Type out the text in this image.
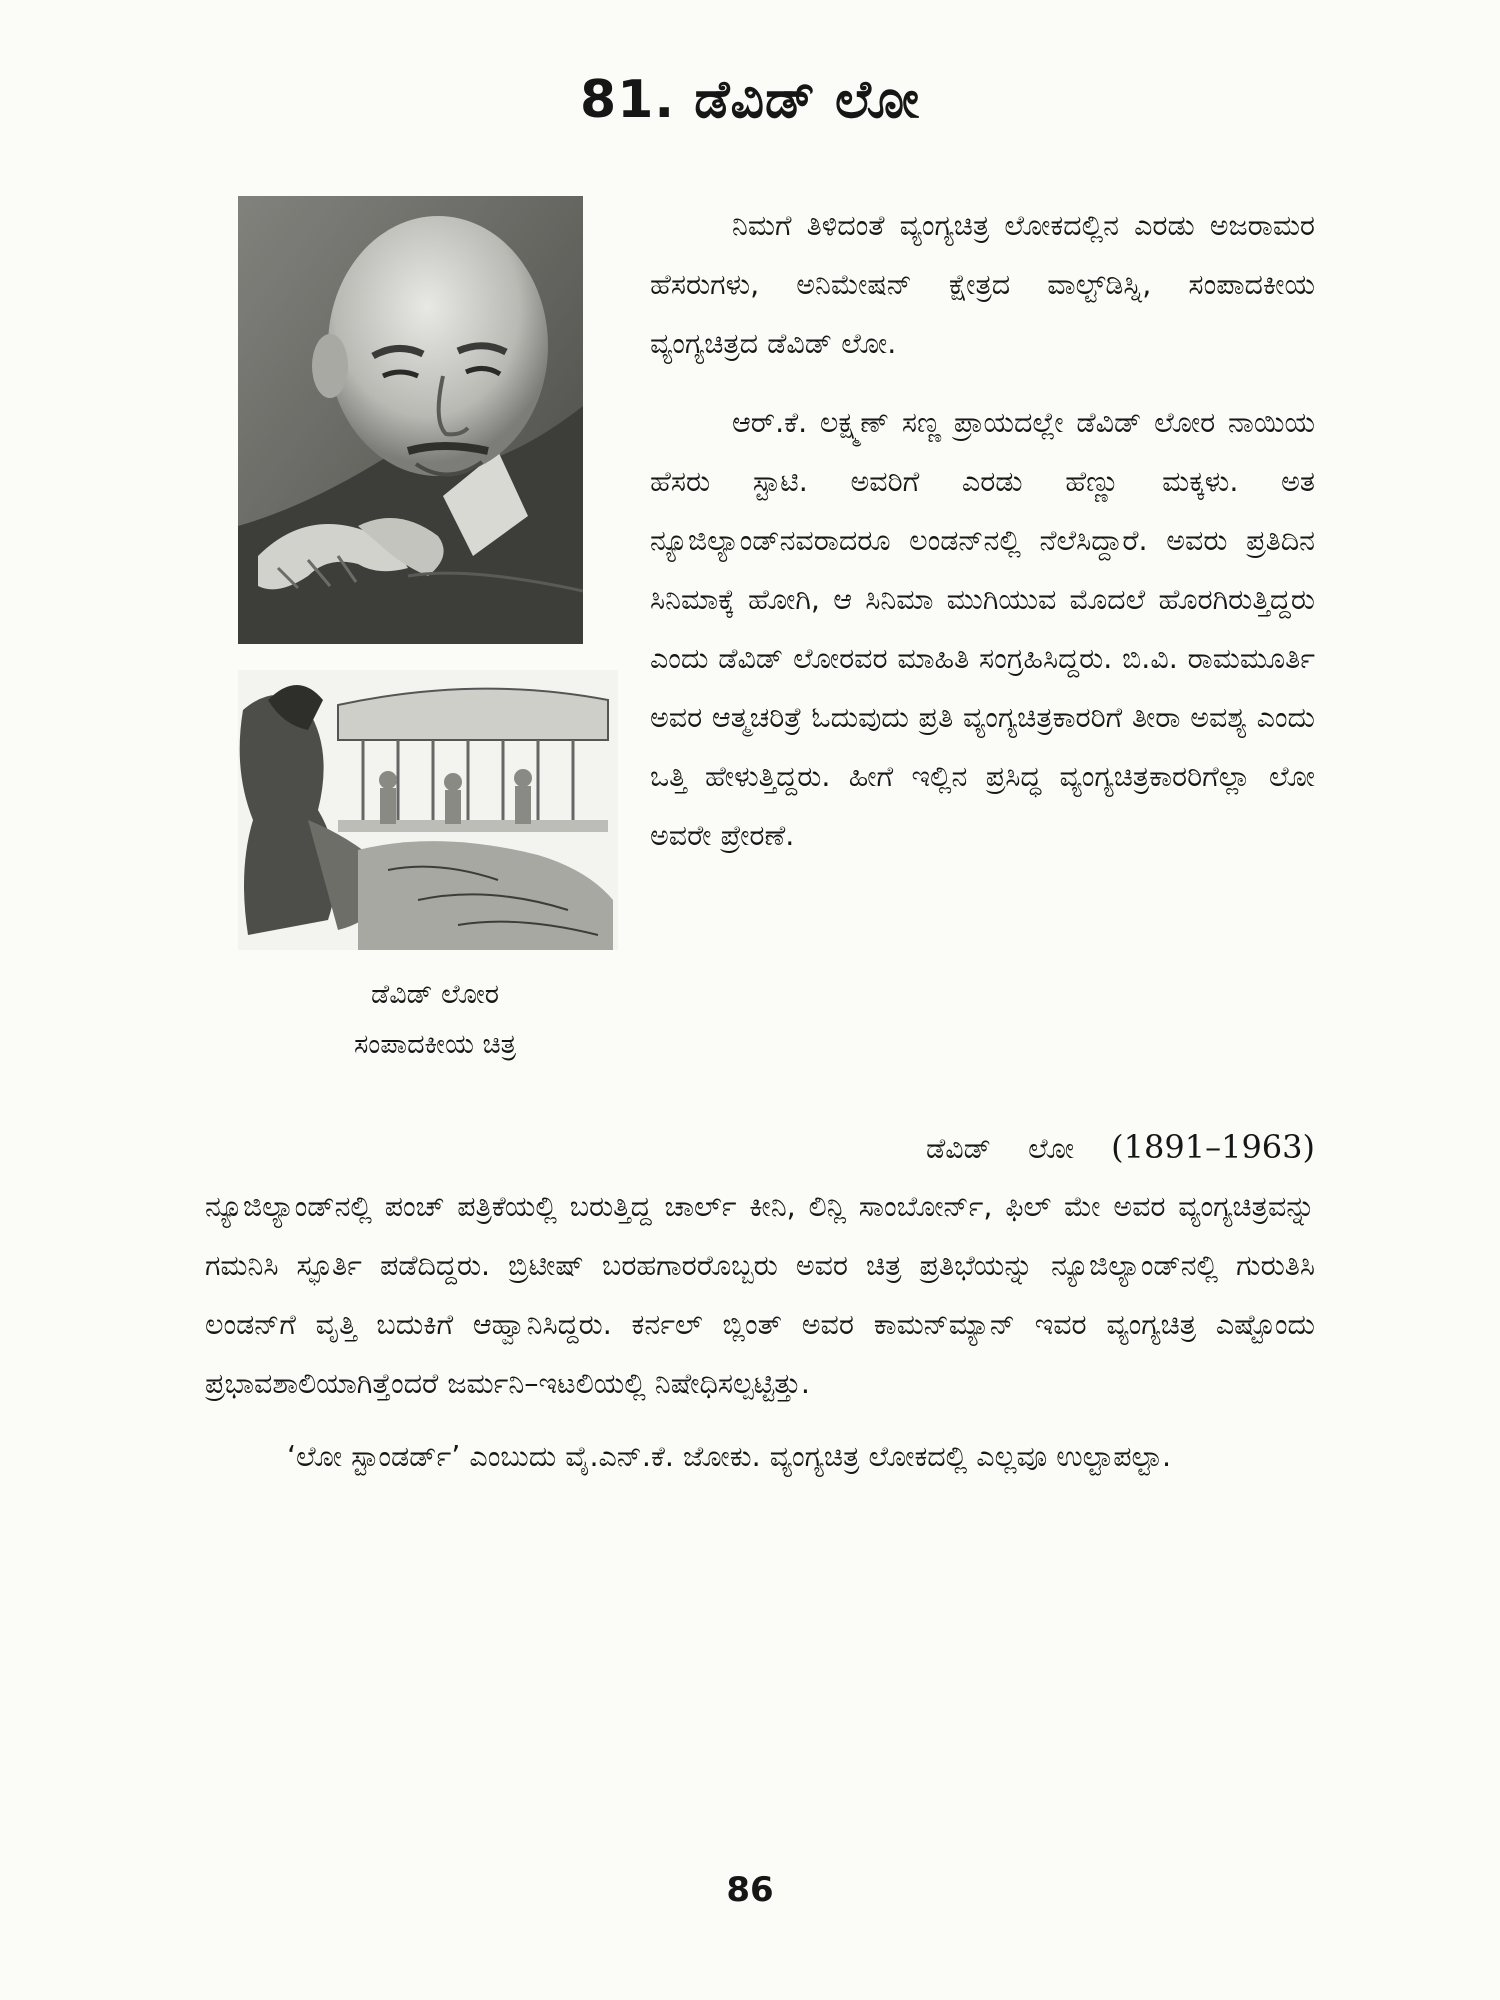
81. ಡೆವಿಡ್ ಲೋ
ಡೆವಿಡ್ ಲೋರ
ಸಂಪಾದಕೀಯ ಚಿತ್ರ

ನಿಮಗೆ ತಿಳಿದಂತೆ ವ್ಯಂಗ್ಯಚಿತ್ರ ಲೋಕದಲ್ಲಿನ ಎರಡು ಅಜರಾಮರ ಹೆಸರುಗಳು, ಅನಿಮೇಷನ್ ಕ್ಷೇತ್ರದ ವಾಲ್ಟ್‌ಡಿಸ್ನಿ, ಸಂಪಾದಕೀಯ ವ್ಯಂಗ್ಯಚಿತ್ರದ ಡೆವಿಡ್ ಲೋ.

ಆರ್.ಕೆ. ಲಕ್ಷ್ಮಣ್ ಸಣ್ಣ ಪ್ರಾಯದಲ್ಲೇ ಡೆವಿಡ್ ಲೋರ ನಾಯಿಯ ಹೆಸರು ಸ್ಟಾಟಿ. ಅವರಿಗೆ ಎರಡು ಹೆಣ್ಣು ಮಕ್ಕಳು. ಅತ ನ್ಯೂಜಿಲ್ಯಾಂಡ್‌ನವರಾದರೂ ಲಂಡನ್‌ನಲ್ಲಿ ನೆಲೆಸಿದ್ದಾರೆ. ಅವರು ಪ್ರತಿದಿನ ಸಿನಿಮಾಕ್ಕೆ ಹೋಗಿ, ಆ ಸಿನಿಮಾ ಮುಗಿಯುವ ಮೊದಲೆ ಹೊರಗಿರುತ್ತಿದ್ದರು ಎಂದು ಡೆವಿಡ್ ಲೋರವರ ಮಾಹಿತಿ ಸಂಗ್ರಹಿಸಿದ್ದರು. ಬಿ.ವಿ. ರಾಮಮೂರ್ತಿ ಅವರ ಆತ್ಮಚರಿತ್ರೆ ಓದುವುದು ಪ್ರತಿ ವ್ಯಂಗ್ಯಚಿತ್ರಕಾರರಿಗೆ ತೀರಾ ಅವಶ್ಯ ಎಂದು ಒತ್ತಿ ಹೇಳುತ್ತಿದ್ದರು. ಹೀಗೆ ಇಲ್ಲಿನ ಪ್ರಸಿದ್ಧ ವ್ಯಂಗ್ಯಚಿತ್ರಕಾರರಿಗೆಲ್ಲಾ ಲೋ ಅವರೇ ಪ್ರೇರಣೆ.

ಡೆವಿಡ್ ಲೋ (1891–1963)

ನ್ಯೂಜಿಲ್ಯಾಂಡ್‌ನಲ್ಲಿ ಪಂಚ್ ಪತ್ರಿಕೆಯಲ್ಲಿ ಬರುತ್ತಿದ್ದ ಚಾರ್ಲ್ ಕೀನಿ, ಲಿನ್ಲಿ ಸಾಂಬೋರ್ನ್, ಫಿಲ್ ಮೇ ಅವರ ವ್ಯಂಗ್ಯಚಿತ್ರವನ್ನು ಗಮನಿಸಿ ಸ್ಫೂರ್ತಿ ಪಡೆದಿದ್ದರು. ಬ್ರಿಟೀಷ್ ಬರಹಗಾರರೊಬ್ಬರು ಅವರ ಚಿತ್ರ ಪ್ರತಿಭೆಯನ್ನು ನ್ಯೂಜಿಲ್ಯಾಂಡ್‌ನಲ್ಲಿ ಗುರುತಿಸಿ ಲಂಡನ್‌ಗೆ ವೃತ್ತಿ ಬದುಕಿಗೆ ಆಹ್ವಾನಿಸಿದ್ದರು. ಕರ್ನಲ್ ಬ್ಲಿಂತ್ ಅವರ ಕಾಮನ್‌ಮ್ಯಾನ್ ಇವರ ವ್ಯಂಗ್ಯಚಿತ್ರ ಎಷ್ಟೊಂದು ಪ್ರಭಾವಶಾಲಿಯಾಗಿತ್ತೆಂದರೆ ಜರ್ಮನಿ–ಇಟಲಿಯಲ್ಲಿ ನಿಷೇಧಿಸಲ್ಪಟ್ಟಿತ್ತು.

‘ಲೋ ಸ್ಟಾಂಡರ್ಡ್’ ಎಂಬುದು ವೈ.ಎನ್.ಕೆ. ಜೋಕು. ವ್ಯಂಗ್ಯಚಿತ್ರ ಲೋಕದಲ್ಲಿ ಎಲ್ಲವೂ ಉಲ್ಟಾಪಲ್ಟಾ.

86
